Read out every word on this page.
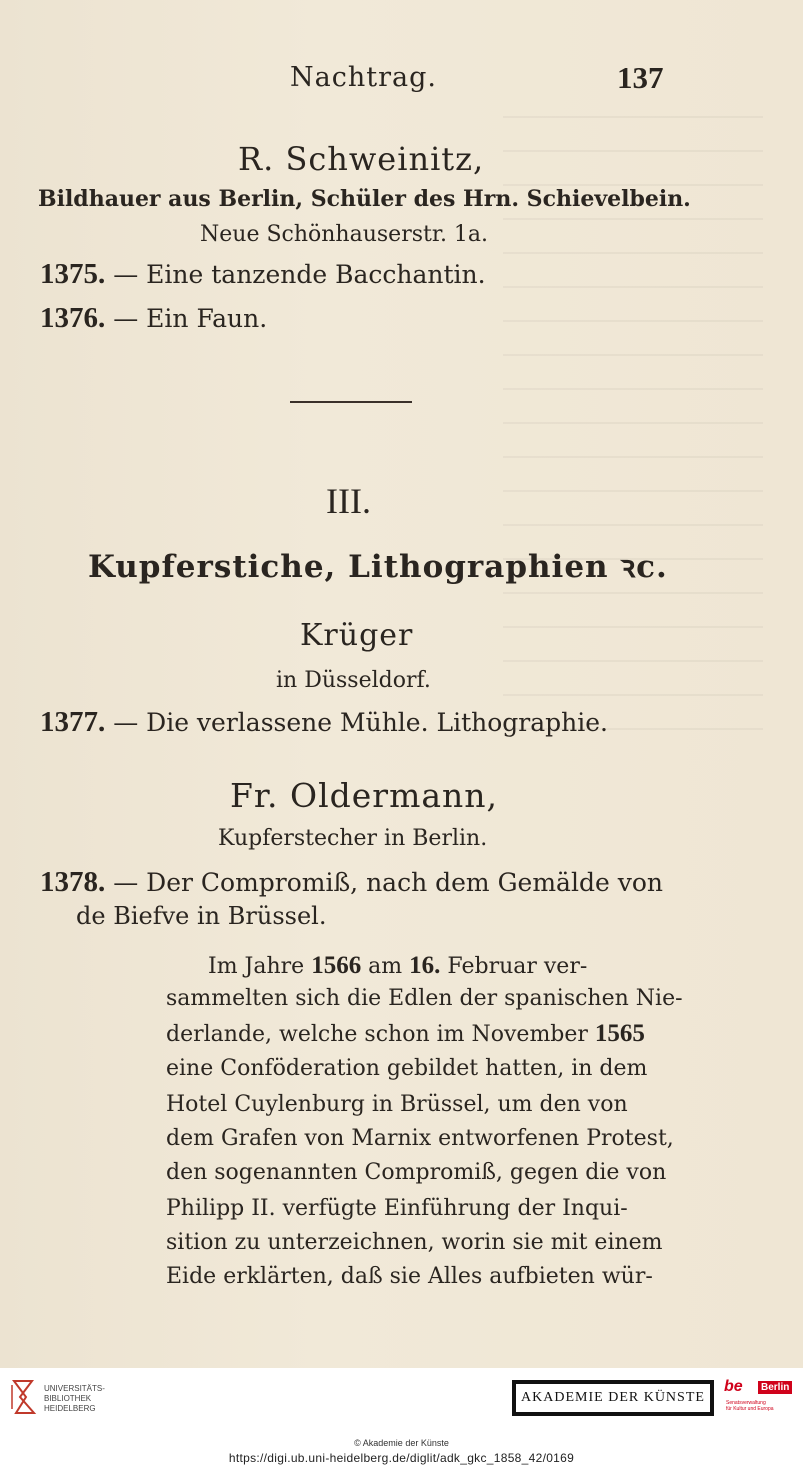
Nachtrag.	137
R. Schweinitz,
Bildhauer aus Berlin, Schüler des Hrn. Schievelbein.
Neue Schönhauserstr. 1a.
1375. — Eine tanzende Bacchantin.
1376. — Ein Faun.
III.
Kupferstiche, Lithographien ꝛc.
Krüger
in Düsseldorf.
1377. — Die verlassene Mühle. Lithographie.
Fr. Oldermann,
Kupferstecher in Berlin.
1378. — Der Compromiß, nach dem Gemälde von
de Biefve in Brüssel.
Im Jahre 1566 am 16. Februar ver-
sammelten sich die Edlen der spanischen Nie-
derlande, welche schon im November 1565
eine Conföderation gebildet hatten, in dem
Hotel Cuylenburg in Brüssel, um den von
dem Grafen von Marnix entworfenen Protest,
den sogenannten Compromiß, gegen die von
Philipp II. verfügte Einführung der Inqui-
sition zu unterzeichnen, worin sie mit einem
Eide erklärten, daß sie Alles aufbieten wür-
UNIVERSITÄTS-
BIBLIOTHEK
HEIDELBERG
AKADEMIE DER KÜNSTE
be	Berlin
Senatsverwaltung
für Kultur und Europa
© Akademie der Künste
https://digi.ub.uni-heidelberg.de/diglit/adk_gkc_1858_42/0169
